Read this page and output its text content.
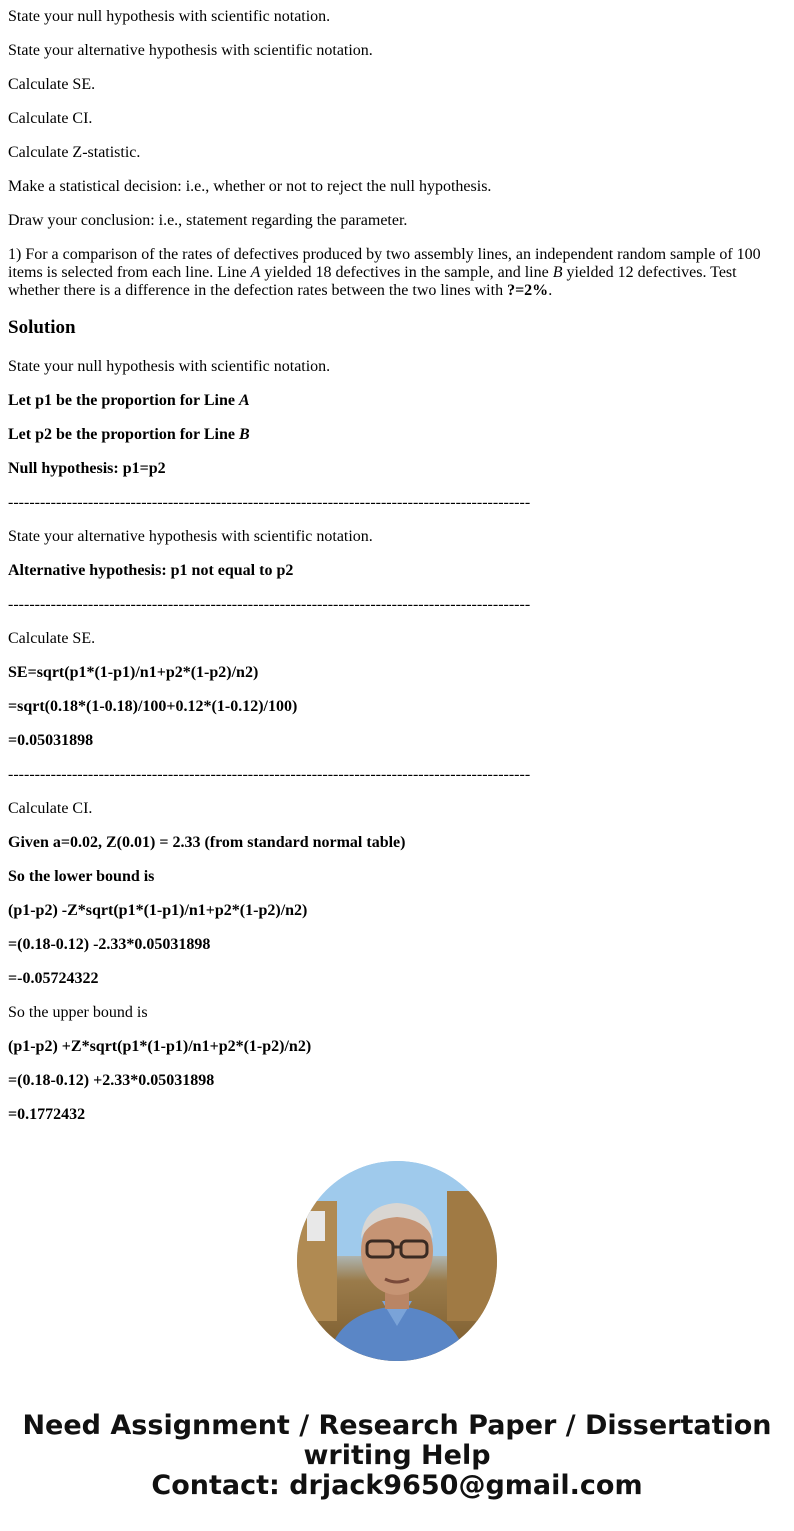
State your null hypothesis with scientific notation.

State your alternative hypothesis with scientific notation.

Calculate SE.

Calculate CI.

Calculate Z-statistic.

Make a statistical decision: i.e., whether or not to reject the null hypothesis.

Draw your conclusion: i.e., statement regarding the parameter.

1) For a comparison of the rates of defectives produced by two assembly lines, an independent random sample of 100 items is selected from each line. Line A yielded 18 defectives in the sample, and line B yielded 12 defectives. Test whether there is a difference in the defection rates between the two lines with ?=2%.

Solution

State your null hypothesis with scientific notation.

Let p1 be the proportion for Line A

Let p2 be the proportion for Line B

Null hypothesis: p1=p2

--------------------------------------------------------------------------------------------------

State your alternative hypothesis with scientific notation.

Alternative hypothesis: p1 not equal to p2

--------------------------------------------------------------------------------------------------

Calculate SE.

SE=sqrt(p1*(1-p1)/n1+p2*(1-p2)/n2)

=sqrt(0.18*(1-0.18)/100+0.12*(1-0.12)/100)

=0.05031898

--------------------------------------------------------------------------------------------------

Calculate CI.

Given a=0.02, Z(0.01) = 2.33 (from standard normal table)

So the lower bound is

(p1-p2) -Z*sqrt(p1*(1-p1)/n1+p2*(1-p2)/n2)

=(0.18-0.12) -2.33*0.05031898

=-0.05724322

So the upper bound is

(p1-p2) +Z*sqrt(p1*(1-p1)/n1+p2*(1-p2)/n2)

=(0.18-0.12) +2.33*0.05031898

=0.1772432

Need Assignment / Research Paper / Dissertation
writing Help
Contact: drjack9650@gmail.com
